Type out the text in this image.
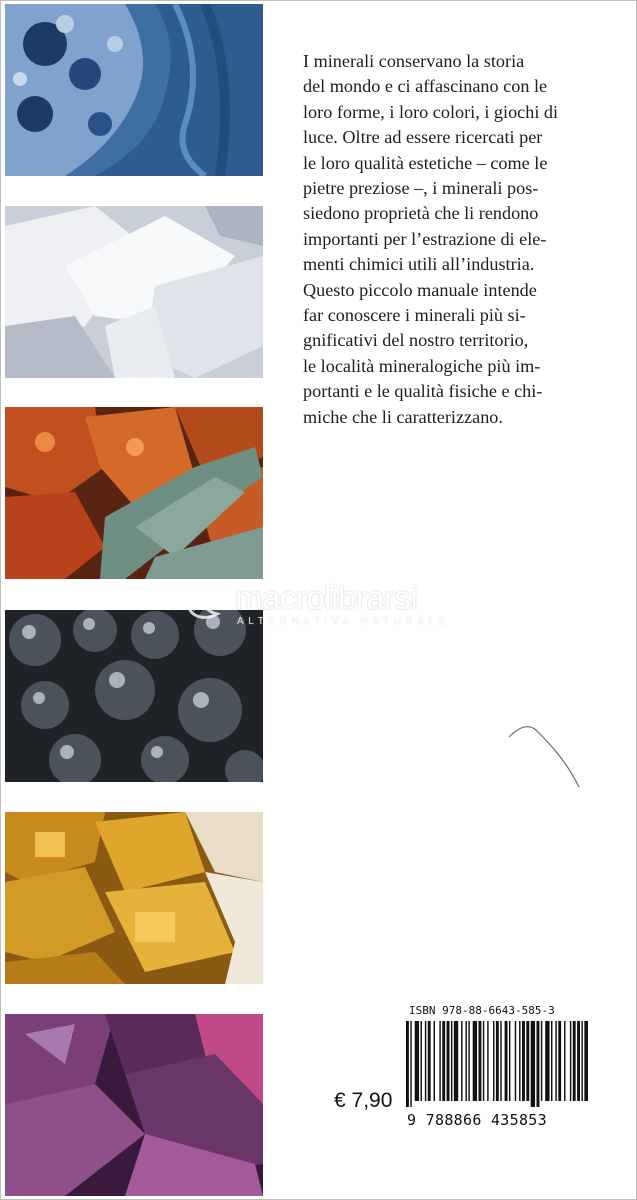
I minerali conservano la storia
del mondo e ci affascinano con le
loro forme, i loro colori, i giochi di
luce. Oltre ad essere ricercati per
le loro qualità estetiche – come le
pietre preziose –, i minerali pos-
siedono proprietà che li rendono
importanti per l’estrazione di ele-
menti chimici utili all’industria.
Questo piccolo manuale intende
far conoscere i minerali più si-
gnificativi del nostro territorio,
le località mineralogiche più im-
portanti e le qualità fisiche e chi-
miche che li caratterizzano.

macrolibrarsi
ALTERNATIVA NATURALE
ISBN 978-88-6643-585-3
€ 7,90
9 788866 435853
